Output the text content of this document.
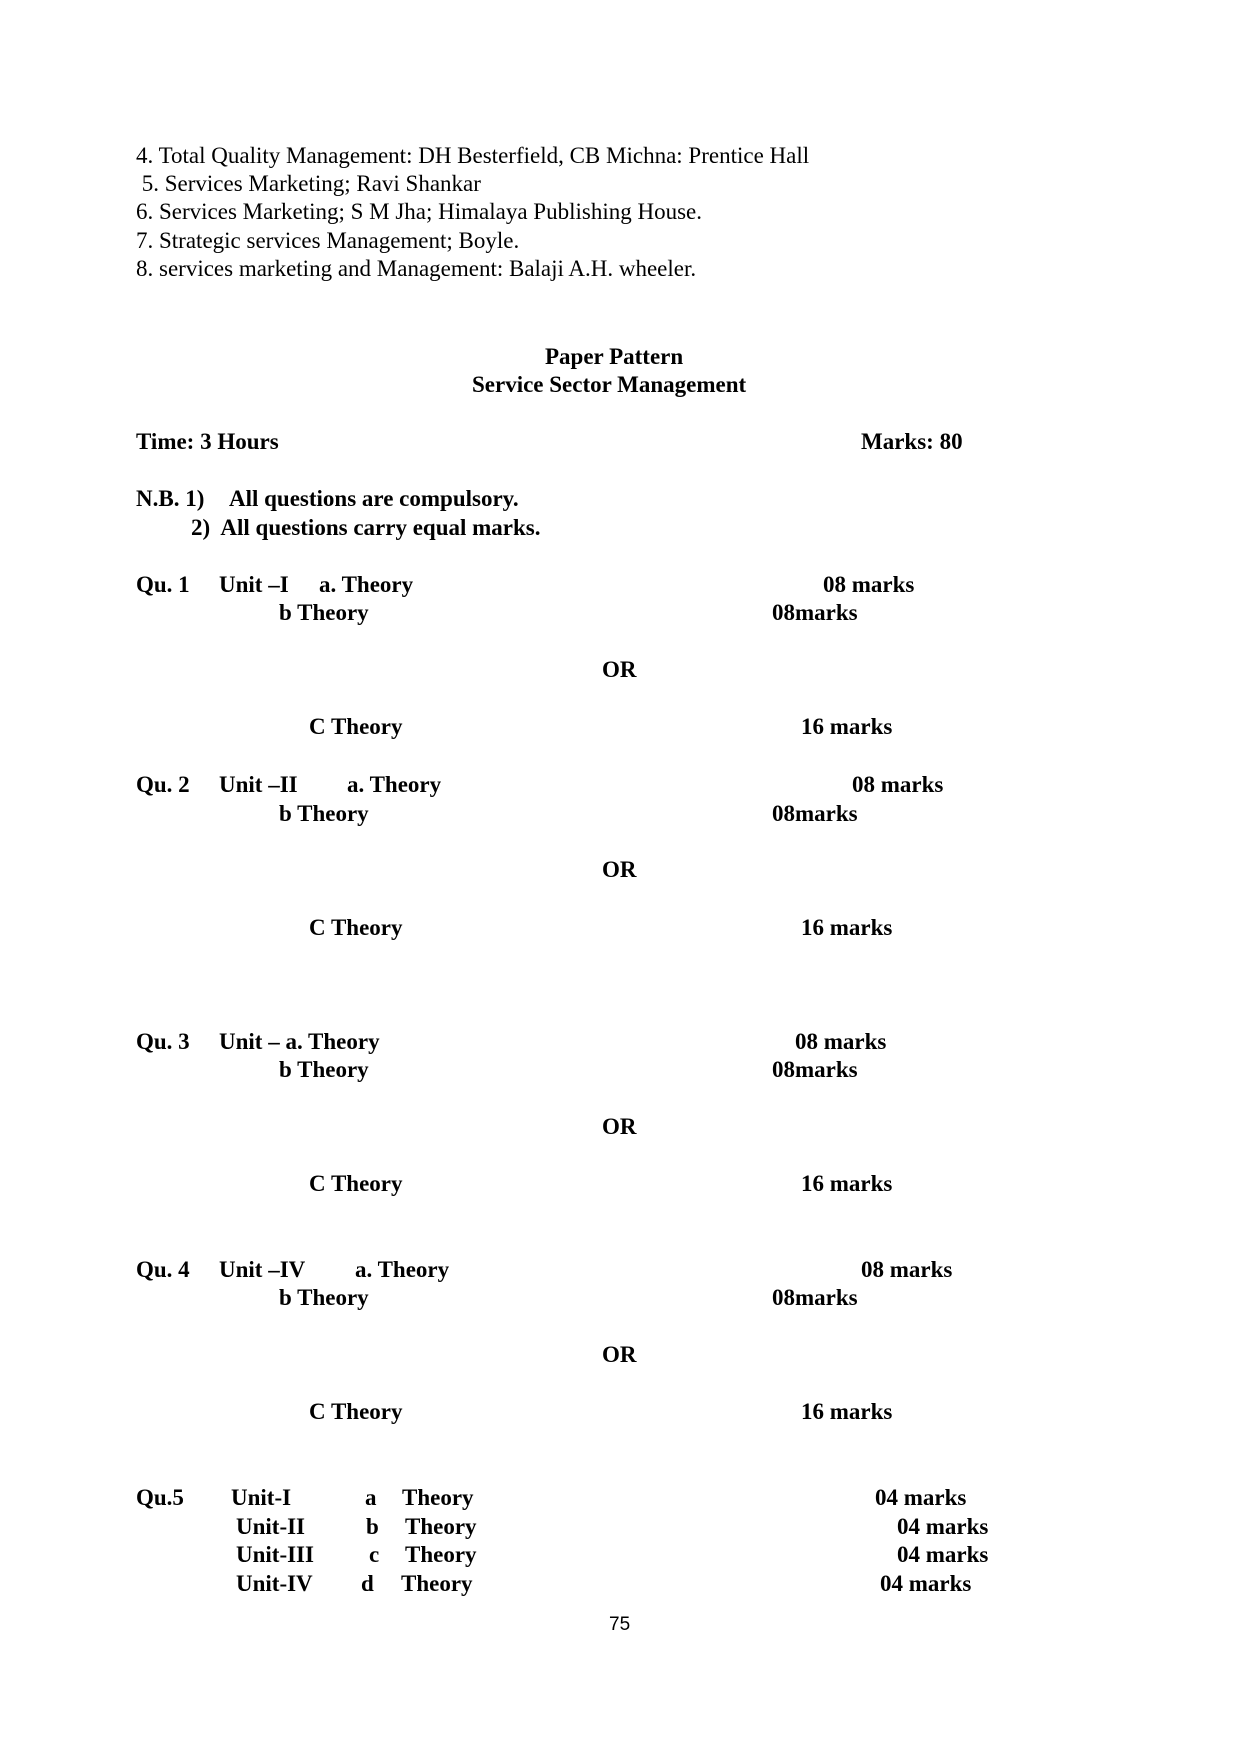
4. Total Quality Management: DH Besterfield, CB Michna: Prentice Hall
5. Services Marketing; Ravi Shankar
6. Services Marketing; S M Jha; Himalaya Publishing House.
7. Strategic services Management; Boyle.
8. services marketing and Management: Balaji A.H. wheeler.
Paper Pattern
Service Sector Management
Time: 3 Hours	Marks: 80
N.B. 1) All questions are compulsory.
2)  All questions carry equal marks.
Qu. 1 Unit –I a. Theory	08 marks
b Theory	08marks
OR
C Theory	16 marks
Qu. 2 Unit –II a. Theory	08 marks
b Theory	08marks
OR
C Theory	16 marks
Qu. 3 Unit – a. Theory	08 marks
b Theory	08marks
OR
C Theory	16 marks
Qu. 4 Unit –IV a. Theory	08 marks
b Theory	08marks
OR
C Theory	16 marks
Qu.5 Unit-I	a Theory	04 marks
Unit-II	b Theory	04 marks
Unit-III c Theory	04 marks
Unit-IV d Theory	04 marks
75
